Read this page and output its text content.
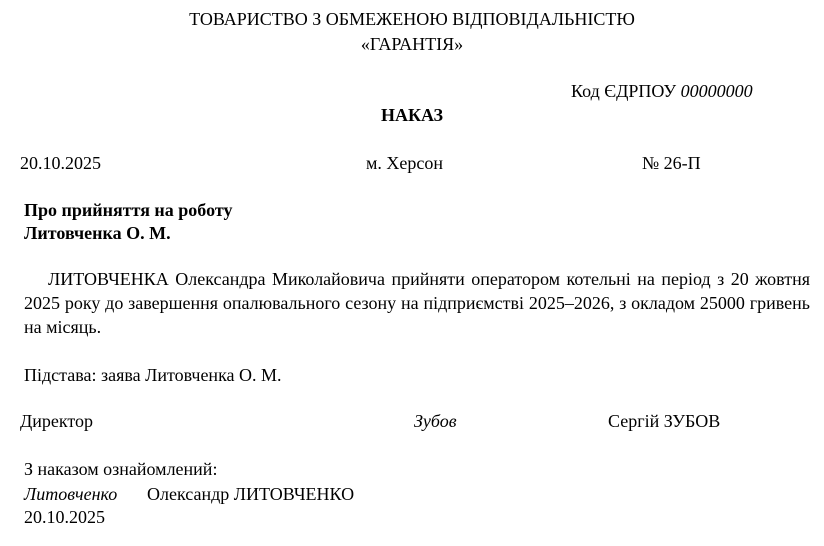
ТОВАРИСТВО З ОБМЕЖЕНОЮ ВІДПОВІДАЛЬНІСТЮ
«ГАРАНТІЯ»
Код ЄДРПОУ 00000000
НАКАЗ
20.10.2025	м. Херсон	№ 26-П
Про прийняття на роботу
Литовченка О. М.
ЛИТОВЧЕНКА Олександра Миколайовича прийняти оператором котельні на період з 20 жовтня 2025 року до завершення опалювального сезону на підприємстві 2025–2026, з окладом 25000 гривень на місяць.
Підстава: заява Литовченка О. М.
Директор	Зубов	Сергій ЗУБОВ
З наказом ознайомлений:
Литовченко Олександр ЛИТОВЧЕНКО
20.10.2025
